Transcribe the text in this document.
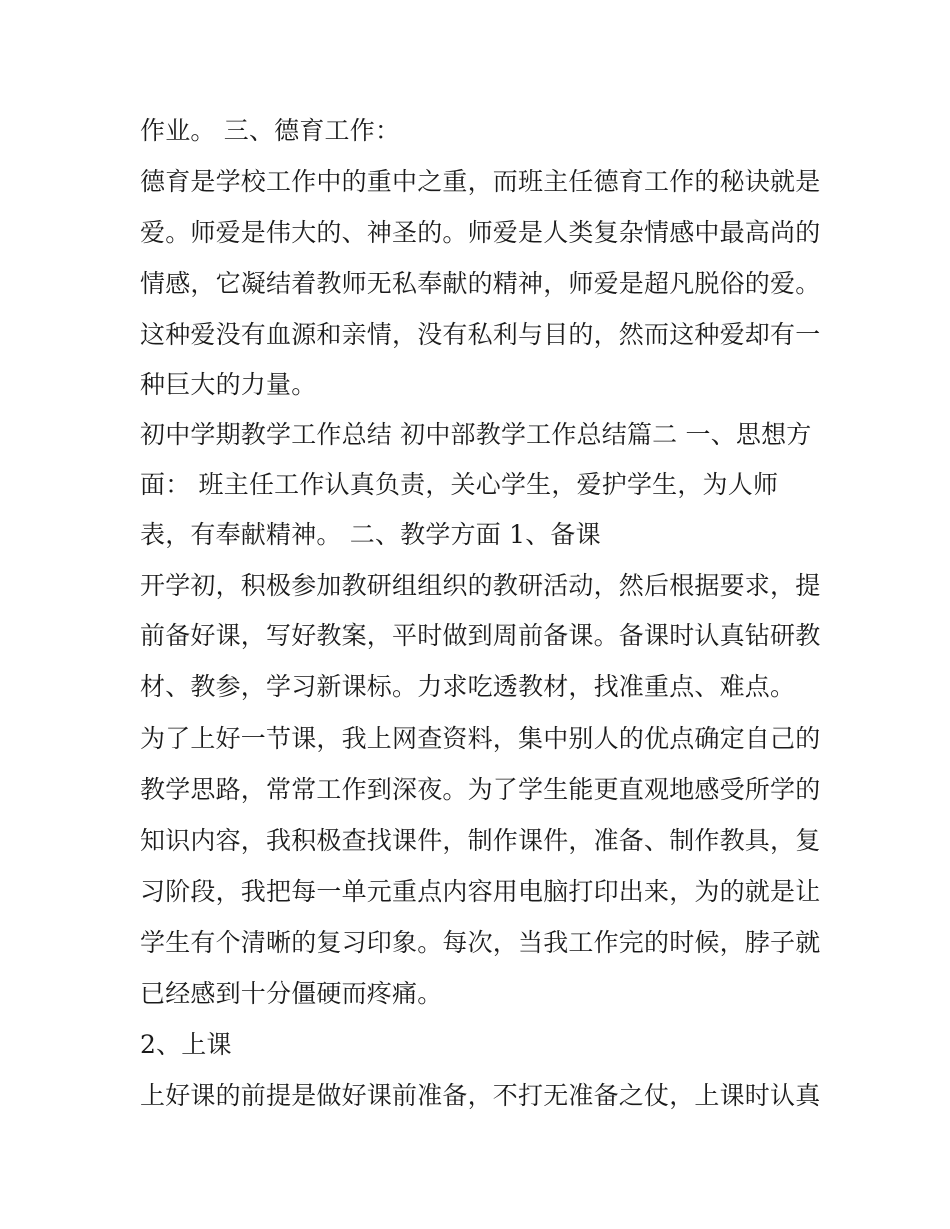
作业。 三、德育工作：

德育是学校工作中的重中之重，而班主任德育工作的秘诀就是

爱。师爱是伟大的、神圣的。师爱是人类复杂情感中最高尚的

情感，它凝结着教师无私奉献的精神，师爱是超凡脱俗的爱。

这种爱没有血源和亲情，没有私利与目的，然而这种爱却有一

种巨大的力量。

初中学期教学工作总结 初中部教学工作总结篇二 一、思想方

面： 班主任工作认真负责，关心学生，爱护学生，为人师

表，有奉献精神。 二、教学方面 1、备课

开学初，积极参加教研组组织的教研活动，然后根据要求，提

前备好课，写好教案，平时做到周前备课。备课时认真钻研教

材、教参，学习新课标。力求吃透教材，找准重点、难点。

为了上好一节课，我上网查资料，集中别人的优点确定自己的

教学思路，常常工作到深夜。为了学生能更直观地感受所学的

知识内容，我积极查找课件，制作课件，准备、制作教具，复

习阶段，我把每一单元重点内容用电脑打印出来，为的就是让

学生有个清晰的复习印象。每次，当我工作完的时候，脖子就

已经感到十分僵硬而疼痛。

2、上课

上好课的前提是做好课前准备，不打无准备之仗，上课时认真
